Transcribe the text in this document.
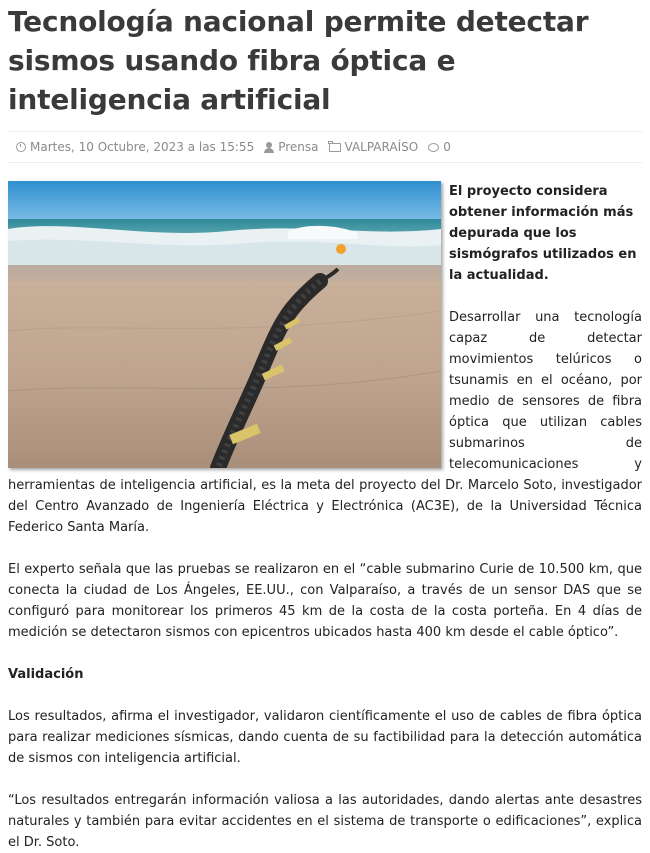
Tecnología nacional permite detectar sismos usando fibra óptica e inteligencia artificial
Martes, 10 Octubre, 2023 a las 15:55 Prensa VALPARAÍSO 0

El proyecto considera obtener información más depurada que los sismógrafos utilizados en la actualidad.

Desarrollar una tecnología capaz de detectar movimientos telúricos o tsunamis en el océano, por medio de sensores de fibra óptica que utilizan cables submarinos de telecomunicaciones y herramientas de inteligencia artificial, es la meta del proyecto del Dr. Marcelo Soto, investigador del Centro Avanzado de Ingeniería Eléctrica y Electrónica (AC3E), de la Universidad Técnica Federico Santa María.

El experto señala que las pruebas se realizaron en el “cable submarino Curie de 10.500 km, que conecta la ciudad de Los Ángeles, EE.UU., con Valparaíso, a través de un sensor DAS que se configuró para monitorear los primeros 45 km de la costa de la costa porteña. En 4 días de medición se detectaron sismos con epicentros ubicados hasta 400 km desde el cable óptico”.

Validación

Los resultados, afirma el investigador, validaron científicamente el uso de cables de fibra óptica para realizar mediciones sísmicas, dando cuenta de su factibilidad para la detección automática de sismos con inteligencia artificial.

“Los resultados entregarán información valiosa a las autoridades, dando alertas ante desastres naturales y también para evitar accidentes en el sistema de transporte o edificaciones”, explica el Dr. Soto.
